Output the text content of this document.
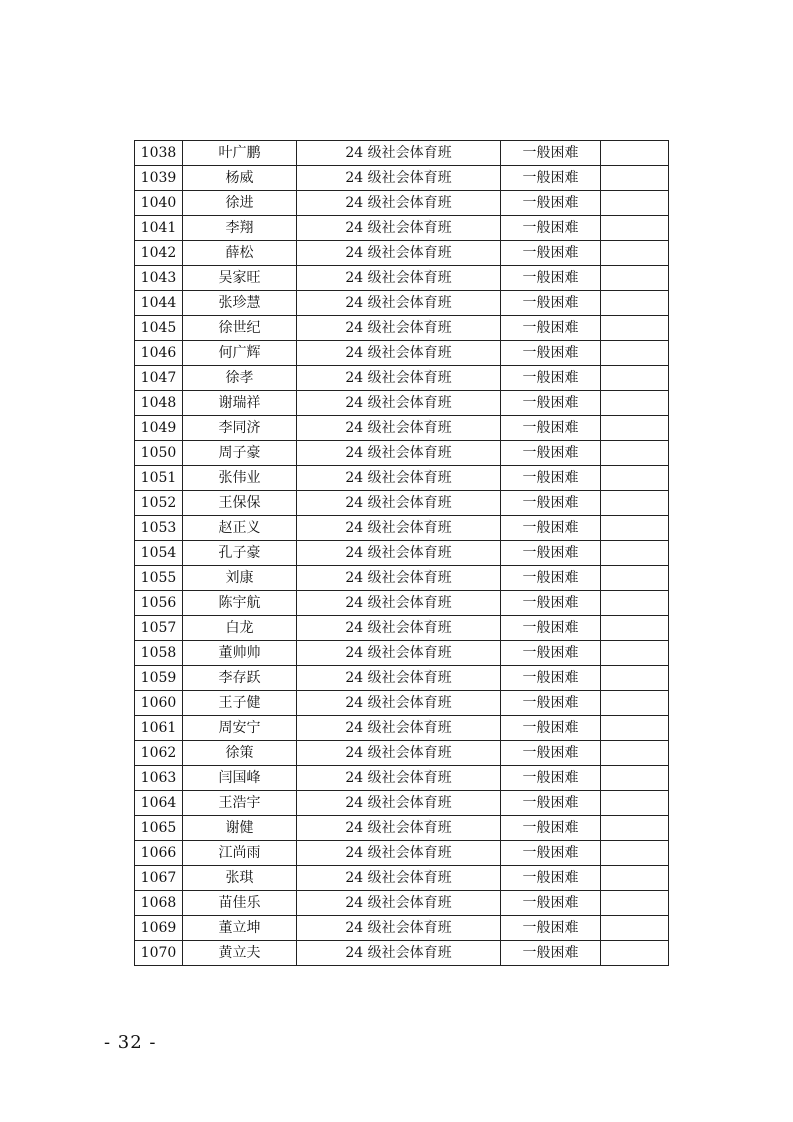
1038	叶广鹏	24 级社会体育班	一般困难	
1039	杨威	24 级社会体育班	一般困难	
1040	徐进	24 级社会体育班	一般困难	
1041	李翔	24 级社会体育班	一般困难	
1042	薛松	24 级社会体育班	一般困难	
1043	吴家旺	24 级社会体育班	一般困难	
1044	张珍慧	24 级社会体育班	一般困难	
1045	徐世纪	24 级社会体育班	一般困难	
1046	何广辉	24 级社会体育班	一般困难	
1047	徐孝	24 级社会体育班	一般困难	
1048	谢瑞祥	24 级社会体育班	一般困难	
1049	李同济	24 级社会体育班	一般困难	
1050	周子豪	24 级社会体育班	一般困难	
1051	张伟业	24 级社会体育班	一般困难	
1052	王保保	24 级社会体育班	一般困难	
1053	赵正义	24 级社会体育班	一般困难	
1054	孔子豪	24 级社会体育班	一般困难	
1055	刘康	24 级社会体育班	一般困难	
1056	陈宇航	24 级社会体育班	一般困难	
1057	白龙	24 级社会体育班	一般困难	
1058	董帅帅	24 级社会体育班	一般困难	
1059	李存跃	24 级社会体育班	一般困难	
1060	王子健	24 级社会体育班	一般困难	
1061	周安宁	24 级社会体育班	一般困难	
1062	徐策	24 级社会体育班	一般困难	
1063	闫国峰	24 级社会体育班	一般困难	
1064	王浩宇	24 级社会体育班	一般困难	
1065	谢健	24 级社会体育班	一般困难	
1066	江尚雨	24 级社会体育班	一般困难	
1067	张琪	24 级社会体育班	一般困难	
1068	苗佳乐	24 级社会体育班	一般困难	
1069	董立坤	24 级社会体育班	一般困难	
1070	黄立夫	24 级社会体育班	一般困难	
- 32 -
